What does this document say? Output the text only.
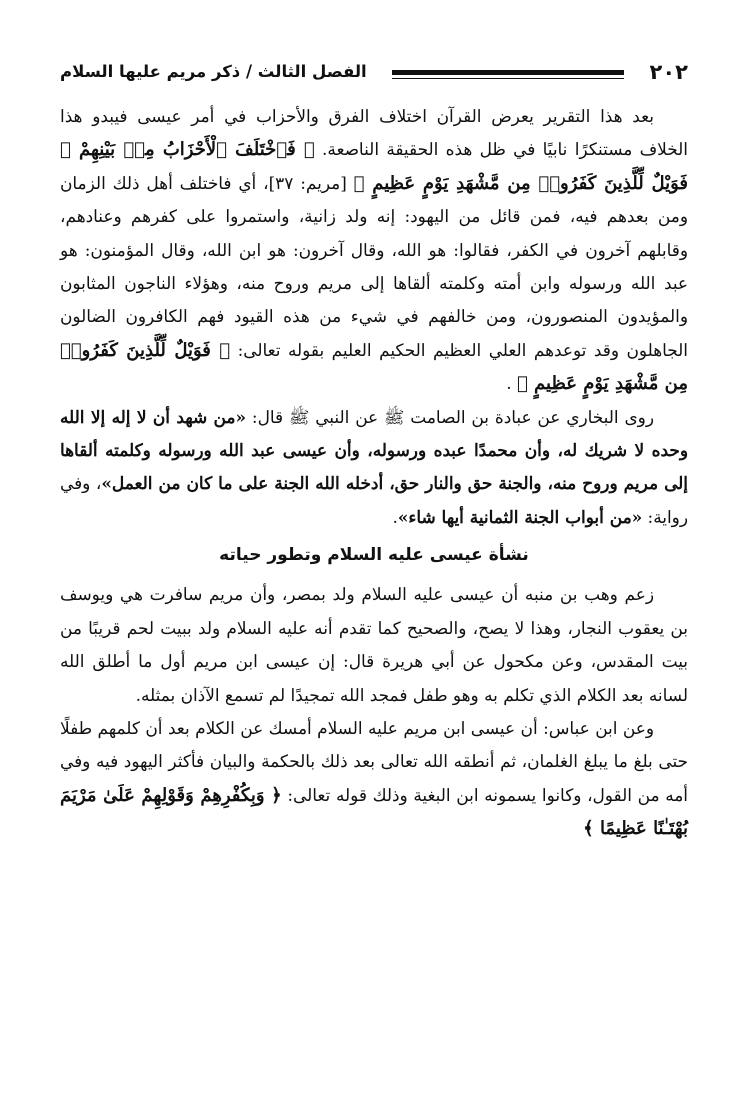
٢٠٢
الفصل الثالث / ذكر مريم عليها السلام

بعد هذا التقرير يعرض القرآن اختلاف الفرق والأحزاب في أمر عيسى فيبدو هذا الخلاف مستنكرًا نابيًا في ظل هذه الحقيقة الناصعة. ﴿ فَٱخْتَلَفَ ٱلْأَحْزَابُ مِنۢ بَيْنِهِمْ ۖ فَوَيْلٌ لِّلَّذِينَ كَفَرُوا۟ مِن مَّشْهَدِ يَوْمٍ عَظِيمٍ ﴾ [مريم: ٣٧]، أي فاختلف أهل ذلك الزمان ومن بعدهم فيه، فمن قائل من اليهود: إنه ولد زانية، واستمروا على كفرهم وعنادهم، وقابلهم آخرون في الكفر، فقالوا: هو الله، وقال آخرون: هو ابن الله، وقال المؤمنون: هو عبد الله ورسوله وابن أمته وكلمته ألقاها إلى مريم وروح منه، وهؤلاء الناجون المثابون والمؤيدون المنصورون، ومن خالفهم في شيء من هذه القيود فهم الكافرون الضالون الجاهلون وقد توعدهم العلي العظيم الحكيم العليم بقوله تعالى: ﴿ فَوَيْلٌ لِّلَّذِينَ كَفَرُوا۟ مِن مَّشْهَدِ يَوْمٍ عَظِيمٍ ﴾ .

روى البخاري عن عبادة بن الصامت ﷺ عن النبي ﷺ قال: «من شهد أن لا إله إلا الله وحده لا شريك له، وأن محمدًا عبده ورسوله، وأن عيسى عبد الله ورسوله وكلمته ألقاها إلى مريم وروح منه، والجنة حق والنار حق، أدخله الله الجنة على ما كان من العمل»، وفي رواية: «من أبواب الجنة الثمانية أيها شاء».

نشأة عيسى عليه السلام وتطور حياته

زعم وهب بن منبه أن عيسى عليه السلام ولد بمصر، وأن مريم سافرت هي ويوسف بن يعقوب النجار، وهذا لا يصح، والصحيح كما تقدم أنه عليه السلام ولد ببيت لحم قريبًا من بيت المقدس، وعن مكحول عن أبي هريرة قال: إن عيسى ابن مريم أول ما أطلق الله لسانه بعد الكلام الذي تكلم به وهو طفل فمجد الله تمجيدًا لم تسمع الآذان بمثله.

وعن ابن عباس: أن عيسى ابن مريم عليه السلام أمسك عن الكلام بعد أن كلمهم طفلًا حتى بلغ ما يبلغ الغلمان، ثم أنطقه الله تعالى بعد ذلك بالحكمة والبيان فأكثر اليهود فيه وفي أمه من القول، وكانوا يسمونه ابن البغية وذلك قوله تعالى: ﴿ وَبِكُفْرِهِمْ وَقَوْلِهِمْ عَلَىٰ مَرْيَمَ بُهْتَـٰنًا عَظِيمًا ﴾
